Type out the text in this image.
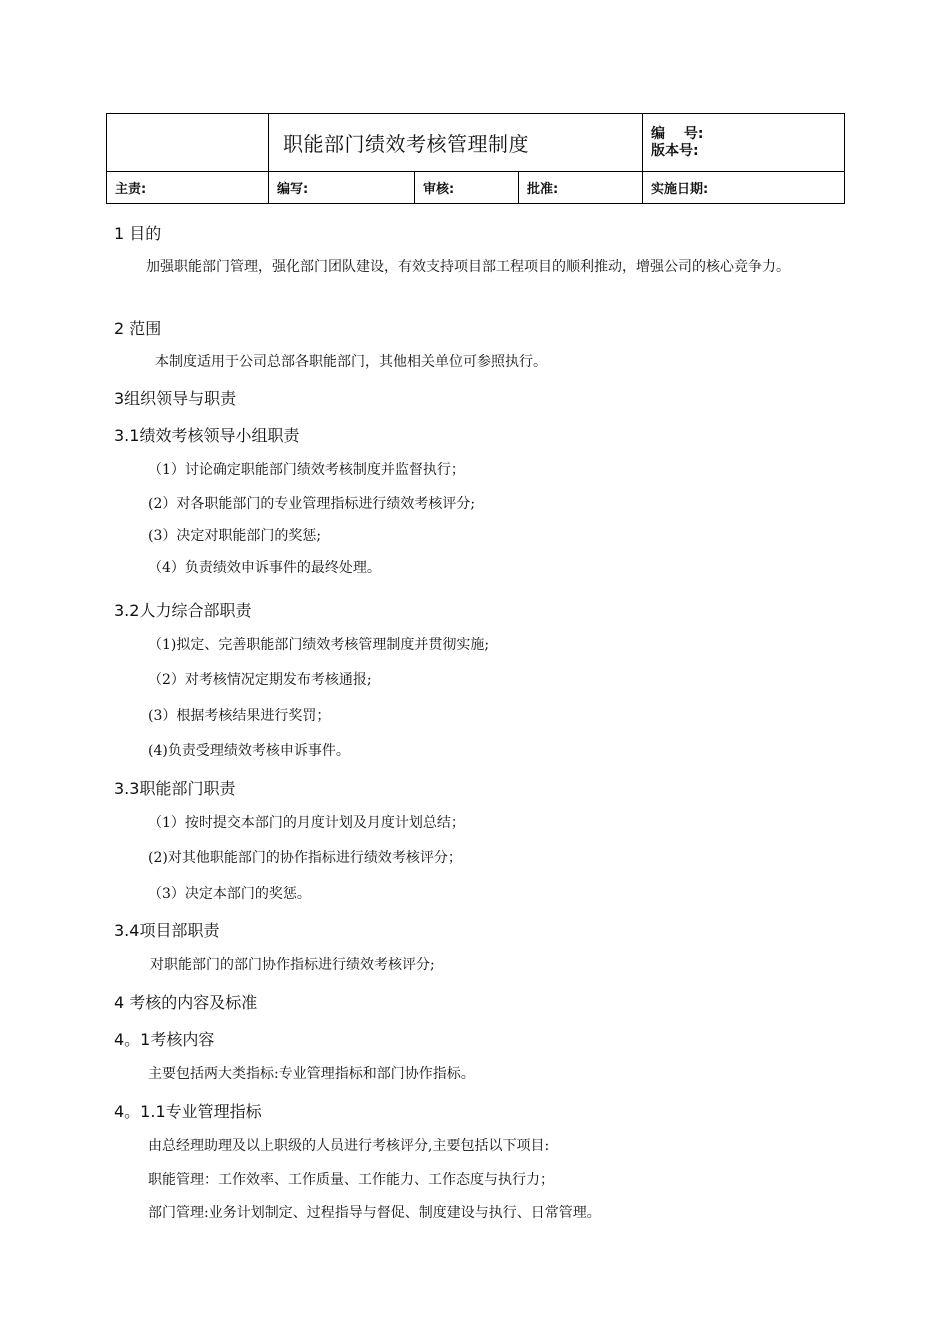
	职能部门绩效考核管理制度			编　 号:
版本号:

主责:	编写:	审核:	批准:	实施日期:
1 目的
加强职能部门管理，强化部门团队建设，有效支持项目部工程项目的顺利推动，增强公司的核心竞争力。
2 范围
本制度适用于公司总部各职能部门，其他相关单位可参照执行。
3组织领导与职责
3.1绩效考核领导小组职责
（1）讨论确定职能部门绩效考核制度并监督执行；
(2）对各职能部门的专业管理指标进行绩效考核评分;
(3）决定对职能部门的奖惩;
（4）负责绩效申诉事件的最终处理。
3.2人力综合部职责
（1)拟定、完善职能部门绩效考核管理制度并贯彻实施;
（2）对考核情况定期发布考核通报;
(3）根据考核结果进行奖罚；
(4)负责受理绩效考核申诉事件。
3.3职能部门职责
（1）按时提交本部门的月度计划及月度计划总结；
(2)对其他职能部门的协作指标进行绩效考核评分；
（3）决定本部门的奖惩。
3.4项目部职责
对职能部门的部门协作指标进行绩效考核评分;
4 考核的内容及标准
4。1考核内容
主要包括两大类指标:专业管理指标和部门协作指标。
4。1.1专业管理指标
由总经理助理及以上职级的人员进行考核评分,主要包括以下项目:
职能管理：工作效率、工作质量、工作能力、工作态度与执行力；
部门管理:业务计划制定、过程指导与督促、制度建设与执行、日常管理。
